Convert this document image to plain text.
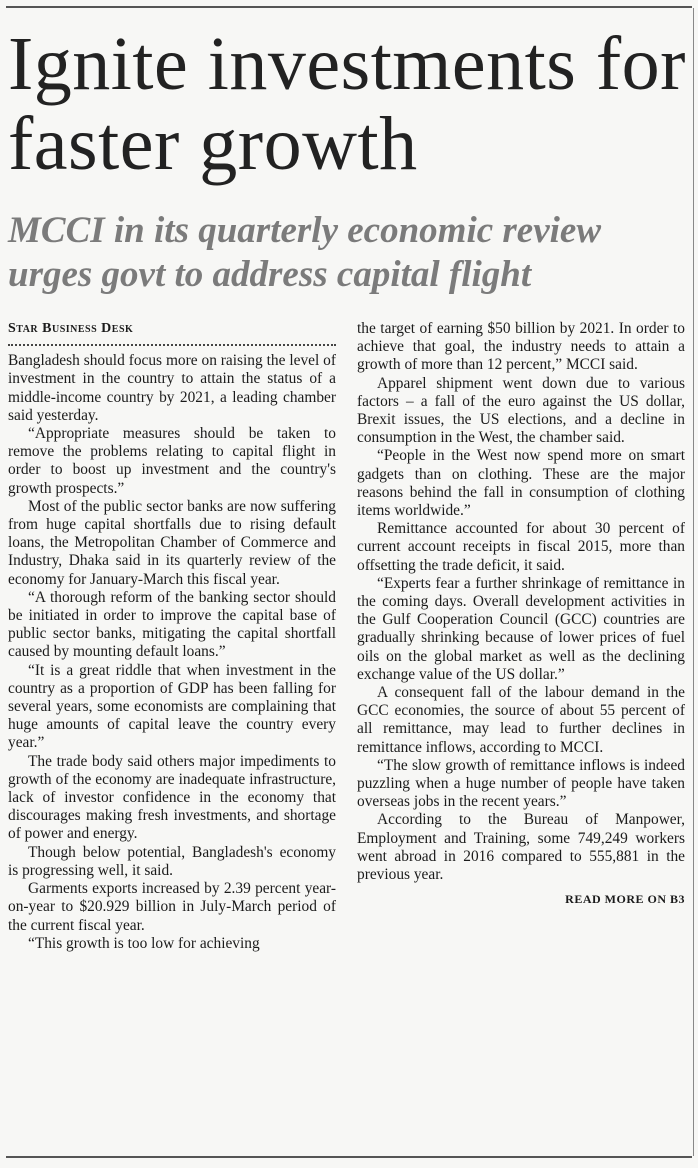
Ignite investments for faster growth
MCCI in its quarterly economic review urges govt to address capital flight
Star Business Desk

Bangladesh should focus more on raising the level of investment in the country to attain the status of a middle-income country by 2021, a leading chamber said yesterday.

“Appropriate measures should be taken to remove the problems relating to capital flight in order to boost up investment and the country's growth prospects.”

Most of the public sector banks are now suffering from huge capital shortfalls due to rising default loans, the Metropolitan Chamber of Commerce and Industry, Dhaka said in its quarterly review of the economy for January-March this fiscal year.

“A thorough reform of the banking sector should be initiated in order to improve the capital base of public sector banks, mitigating the capital shortfall caused by mounting default loans.”

“It is a great riddle that when investment in the country as a proportion of GDP has been falling for several years, some economists are complaining that huge amounts of capital leave the country every year.”

The trade body said others major impediments to growth of the economy are inadequate infrastructure, lack of investor confidence in the economy that discourages making fresh investments, and shortage of power and energy.

Though below potential, Bangladesh's economy is progressing well, it said.

Garments exports increased by 2.39 percent year-on-year to $20.929 billion in July-March period of the current fiscal year.

“This growth is too low for achieving

the target of earning $50 billion by 2021. In order to achieve that goal, the industry needs to attain a growth of more than 12 percent,” MCCI said.

Apparel shipment went down due to various factors – a fall of the euro against the US dollar, Brexit issues, the US elections, and a decline in consumption in the West, the chamber said.

“People in the West now spend more on smart gadgets than on clothing. These are the major reasons behind the fall in consumption of clothing items worldwide.”

Remittance accounted for about 30 percent of current account receipts in fiscal 2015, more than offsetting the trade deficit, it said.

“Experts fear a further shrinkage of remittance in the coming days. Overall development activities in the Gulf Cooperation Council (GCC) countries are gradually shrinking because of lower prices of fuel oils on the global market as well as the declining exchange value of the US dollar.”

A consequent fall of the labour demand in the GCC economies, the source of about 55 percent of all remittance, may lead to further declines in remittance inflows, according to MCCI.

“The slow growth of remittance inflows is indeed puzzling when a huge number of people have taken overseas jobs in the recent years.”

According to the Bureau of Manpower, Employment and Training, some 749,249 workers went abroad in 2016 compared to 555,881 in the previous year.

READ MORE ON B3
